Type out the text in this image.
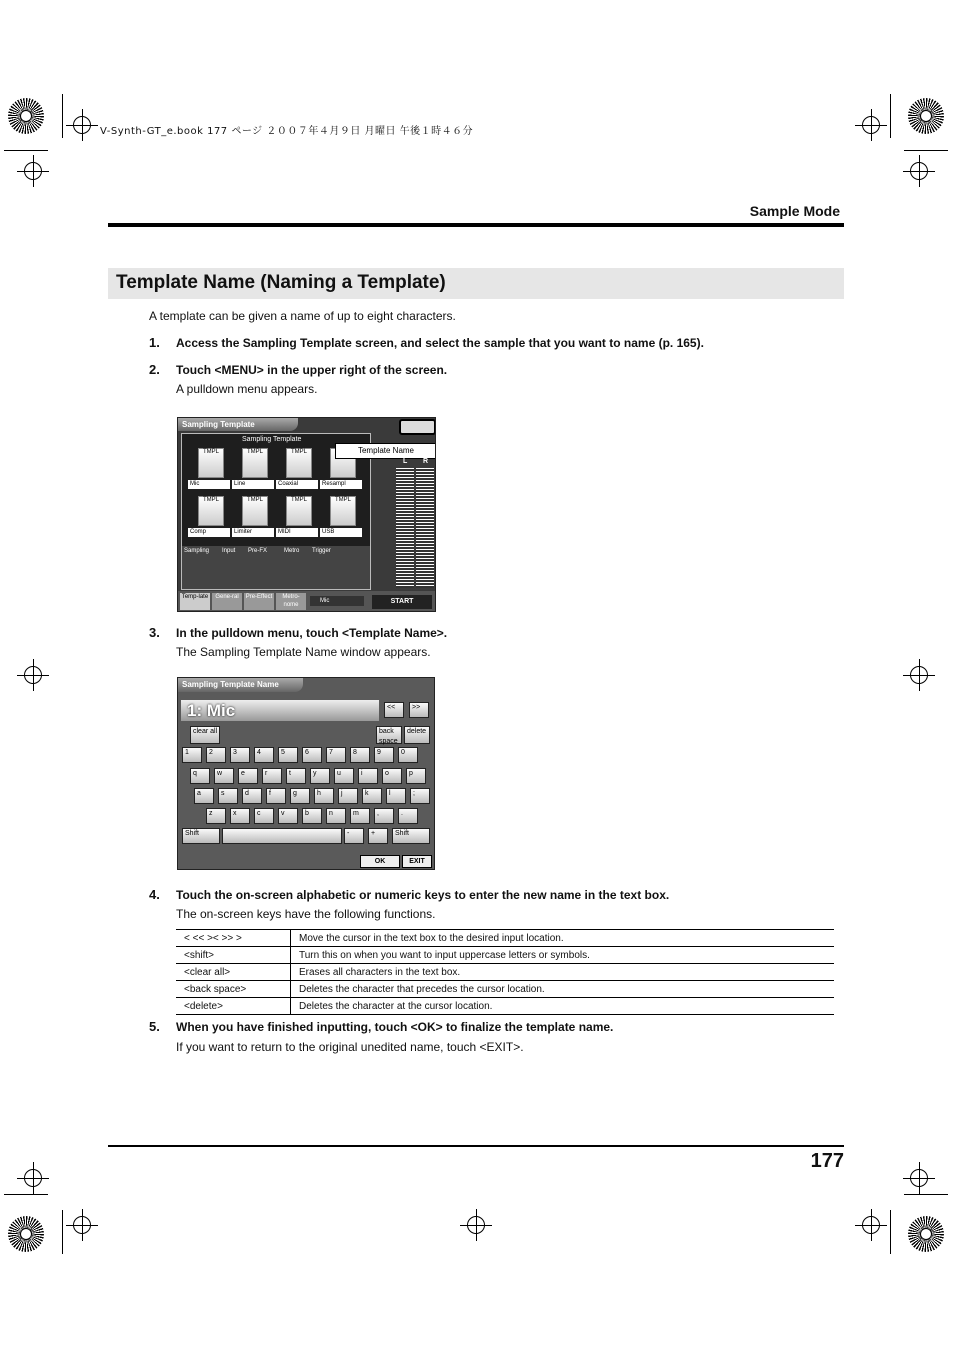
V-Synth-GT_e.book 177 ページ ２００７年４月９日 月曜日 午後１時４６分
Sample Mode
Template Name (Naming a Template)
A template can be given a name of up to eight characters.
1. Access the Sampling Template screen, and select the sample that you want to name (p. 165).
2. Touch <MENU> in the upper right of the screen.
A pulldown menu appears.
Sampling Template
Sampling Template
TMPL	TMPL	TMPL
Mic	Line	Coaxial	Resampl
TMPL	TMPL	TMPL	TMPL
Comp	Limiter	MIDI	USB
Sampling Input Pre-FX	Metro Trigger
Template Name
L R
Temp-late	Gene-ral	Pre-Effect	Metro-nome
Mic	START
3. In the pulldown menu, touch <Template Name>.
The Sampling Template Name window appears.
Sampling Template Name
1: Mic	<<	>>
clear all	back space
delete
1	2	3	4	5	6	7	8	9	0
q	w	e	r	t	y	u	i	o	p
a	s	d	f	g	h	j	k	l	;
z	x	c	v	b	n	m	,	.
Shift	-	+	Shift
OK	EXIT
4. Touch the on-screen alphabetic or numeric keys to enter the new name in the text box.
The on-screen keys have the following functions.
< << >< >> >	Move the cursor in the text box to the desired input location.
<shift>	Turn this on when you want to input uppercase letters or symbols.
<clear all>	Erases all characters in the text box.
<back space>	Deletes the character that precedes the cursor location.
<delete>	Deletes the character at the cursor location.
5. When you have finished inputting, touch <OK> to finalize the template name.
If you want to return to the original unedited name, touch <EXIT>.
177
